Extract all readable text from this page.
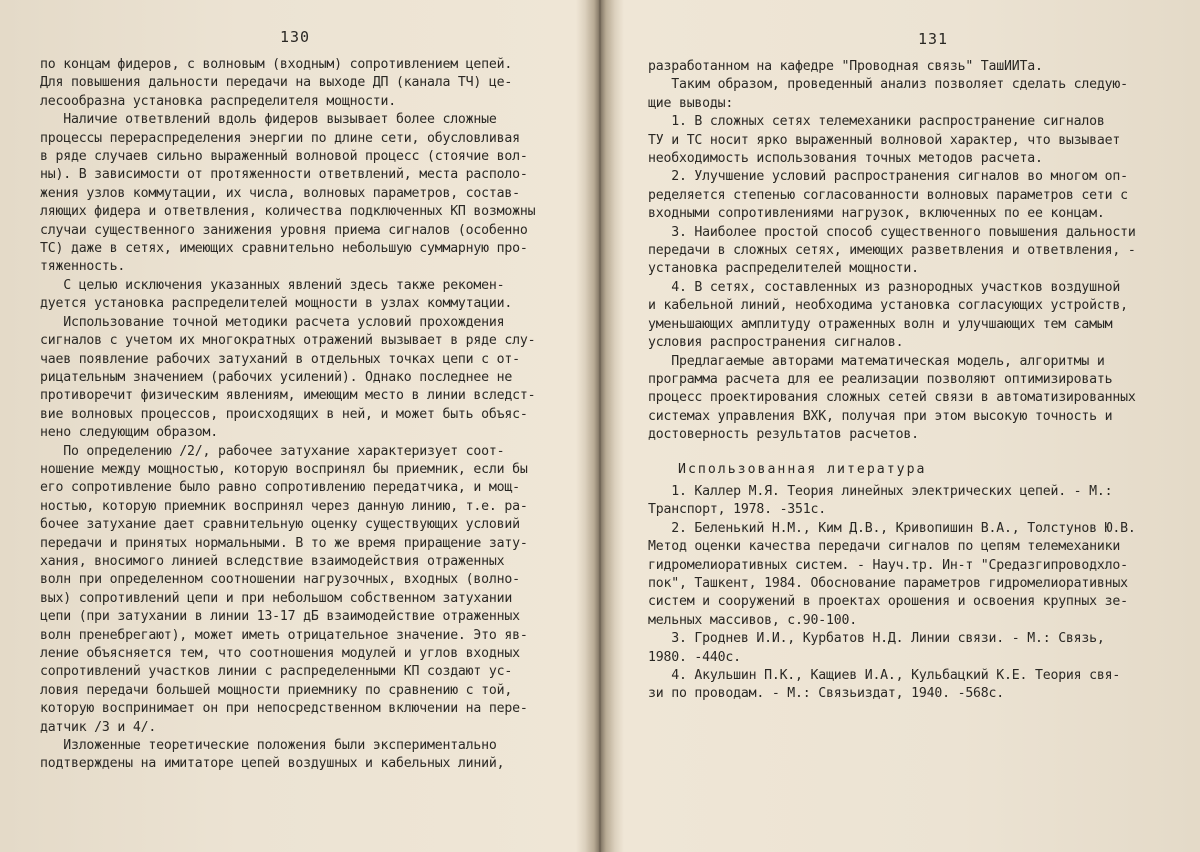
130
по концам фидеров, с волновым (входным) сопротивлением цепей.
Для повышения дальности передачи на выходе ДП (канала ТЧ) це-
лесообразна установка распределителя мощности.
Наличие ответвлений вдоль фидеров вызывает более сложные
процессы перераспределения энергии по длине сети, обусловливая
в ряде случаев сильно выраженный волновой процесс (стоячие вол-
ны). В зависимости от протяженности ответвлений, места располо-
жения узлов коммутации, их числа, волновых параметров, состав-
ляющих фидера и ответвления, количества подключенных КП возможны
случаи существенного занижения уровня приема сигналов (особенно
ТС) даже в сетях, имеющих сравнительно небольшую суммарную про-
тяженность.
С целью исключения указанных явлений здесь также рекомен-
дуется установка распределителей мощности в узлах коммутации.
Использование точной методики расчета условий прохождения
сигналов с учетом их многократных отражений вызывает в ряде слу-
чаев появление рабочих затуханий в отдельных точках цепи с от-
рицательным значением (рабочих усилений). Однако последнее не
противоречит физическим явлениям, имеющим место в линии вследст-
вие волновых процессов, происходящих в ней, и может быть объяс-
нено следующим образом.
По определению /2/, рабочее затухание характеризует соот-
ношение между мощностью, которую воспринял бы приемник, если бы
его сопротивление было равно сопротивлению передатчика, и мощ-
ностью, которую приемник воспринял через данную линию, т.е. ра-
бочее затухание дает сравнительную оценку существующих условий
передачи и принятых нормальными. В то же время приращение зату-
хания, вносимого линией вследствие взаимодействия отраженных
волн при определенном соотношении нагрузочных, входных (волно-
вых) сопротивлений цепи и при небольшом собственном затухании
цепи (при затухании в линии 13-17 дБ взаимодействие отраженных
волн пренебрегают), может иметь отрицательное значение. Это яв-
ление объясняется тем, что соотношения модулей и углов входных
сопротивлений участков линии с распределенными КП создают ус-
ловия передачи большей мощности приемнику по сравнению с той,
которую воспринимает он при непосредственном включении на пере-
датчик /3 и 4/.
Изложенные теоретические положения были экспериментально
подтверждены на имитаторе цепей воздушных и кабельных линий,
131
разработанном на кафедре "Проводная связь" ТашИИТа.
Таким образом, проведенный анализ позволяет сделать следую-
щие выводы:
1. В сложных сетях телемеханики распространение сигналов
ТУ и ТС носит ярко выраженный волновой характер, что вызывает
необходимость использования точных методов расчета.
2. Улучшение условий распространения сигналов во многом оп-
ределяется степенью согласованности волновых параметров сети с
входными сопротивлениями нагрузок, включенных по ее концам.
3. Наиболее простой способ существенного повышения дальности
передачи в сложных сетях, имеющих разветвления и ответвления, -
установка распределителей мощности.
4. В сетях, составленных из разнородных участков воздушной
и кабельной линий, необходима установка согласующих устройств,
уменьшающих амплитуду отраженных волн и улучшающих тем самым
условия распространения сигналов.
Предлагаемые авторами математическая модель, алгоритмы и
программа расчета для ее реализации позволяют оптимизировать
процесс проектирования сложных сетей связи в автоматизированных
системах управления ВХК, получая при этом высокую точность и
достоверность результатов расчетов.
Использованная литература
1. Каллер М.Я. Теория линейных электрических цепей. - М.:
Транспорт, 1978. -351с.
2. Беленький Н.М., Ким Д.В., Кривопишин В.А., Толстунов Ю.В.
Метод оценки качества передачи сигналов по цепям телемеханики
гидромелиоративных систем. - Науч.тр. Ин-т "Средазгипроводхло-
пок", Ташкент, 1984. Обоснование параметров гидромелиоративных
систем и сооружений в проектах орошения и освоения крупных зе-
мельных массивов, с.90-100.
3. Гроднев И.И., Курбатов Н.Д. Линии связи. - М.: Связь,
1980. -440с.
4. Акульшин П.К., Кащиев И.А., Кульбацкий К.Е. Теория свя-
зи по проводам. - М.: Связьиздат, 1940. -568с.
